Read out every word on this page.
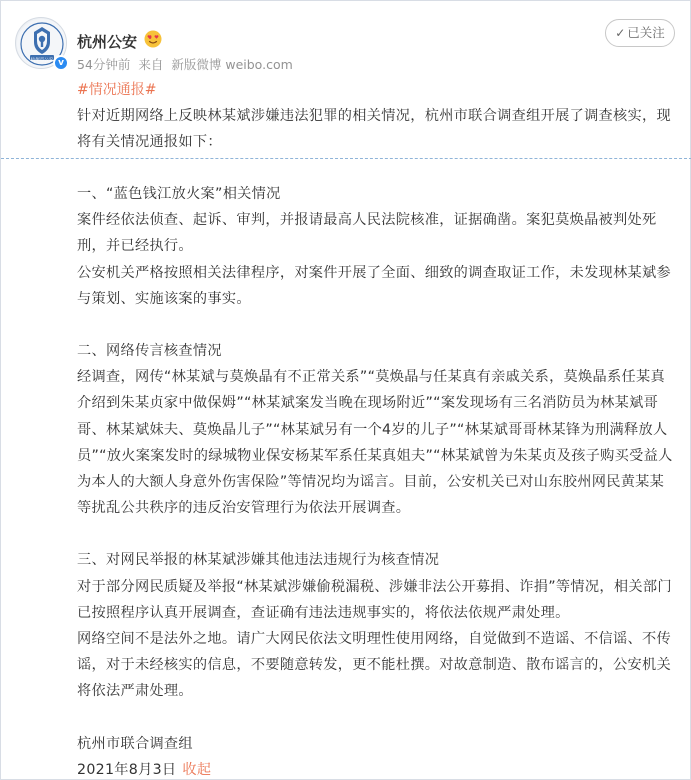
杭州市公安 v
杭州公安
54分钟前 来自 新版微博 weibo.com
✓ 已关注
#情况通报#
针对近期网络上反映林某斌涉嫌违法犯罪的相关情况，杭州市联合调查组开展了调查核实，现将有关情况通报如下：

一、“蓝色钱江放火案”相关情况

案件经依法侦查、起诉、审判，并报请最高人民法院核准，证据确凿。案犯莫焕晶被判处死刑，并已经执行。

公安机关严格按照相关法律程序，对案件开展了全面、细致的调查取证工作，未发现林某斌参与策划、实施该案的事实。

二、网络传言核查情况

经调查，网传“林某斌与莫焕晶有不正常关系”“莫焕晶与任某真有亲戚关系，莫焕晶系任某真介绍到朱某贞家中做保姆”“林某斌案发当晚在现场附近”“案发现场有三名消防员为林某斌哥哥、林某斌妹夫、莫焕晶儿子”“林某斌另有一个4岁的儿子”“林某斌哥哥林某锋为刑满释放人员”“放火案案发时的绿城物业保安杨某军系任某真姐夫”“林某斌曾为朱某贞及孩子购买受益人为本人的大额人身意外伤害保险”等情况均为谣言。目前，公安机关已对山东胶州网民黄某某等扰乱公共秩序的违反治安管理行为依法开展调查。

三、对网民举报的林某斌涉嫌其他违法违规行为核查情况

对于部分网民质疑及举报“林某斌涉嫌偷税漏税、涉嫌非法公开募捐、诈捐”等情况，相关部门已按照程序认真开展调查，查证确有违法违规事实的，将依法依规严肃处理。

网络空间不是法外之地。请广大网民依法文明理性使用网络，自觉做到不造谣、不信谣、不传谣，对于未经核实的信息，不要随意转发，更不能杜撰。对故意制造、散布谣言的，公安机关将依法严肃处理。

杭州市联合调查组

2021年8月3日 收起
